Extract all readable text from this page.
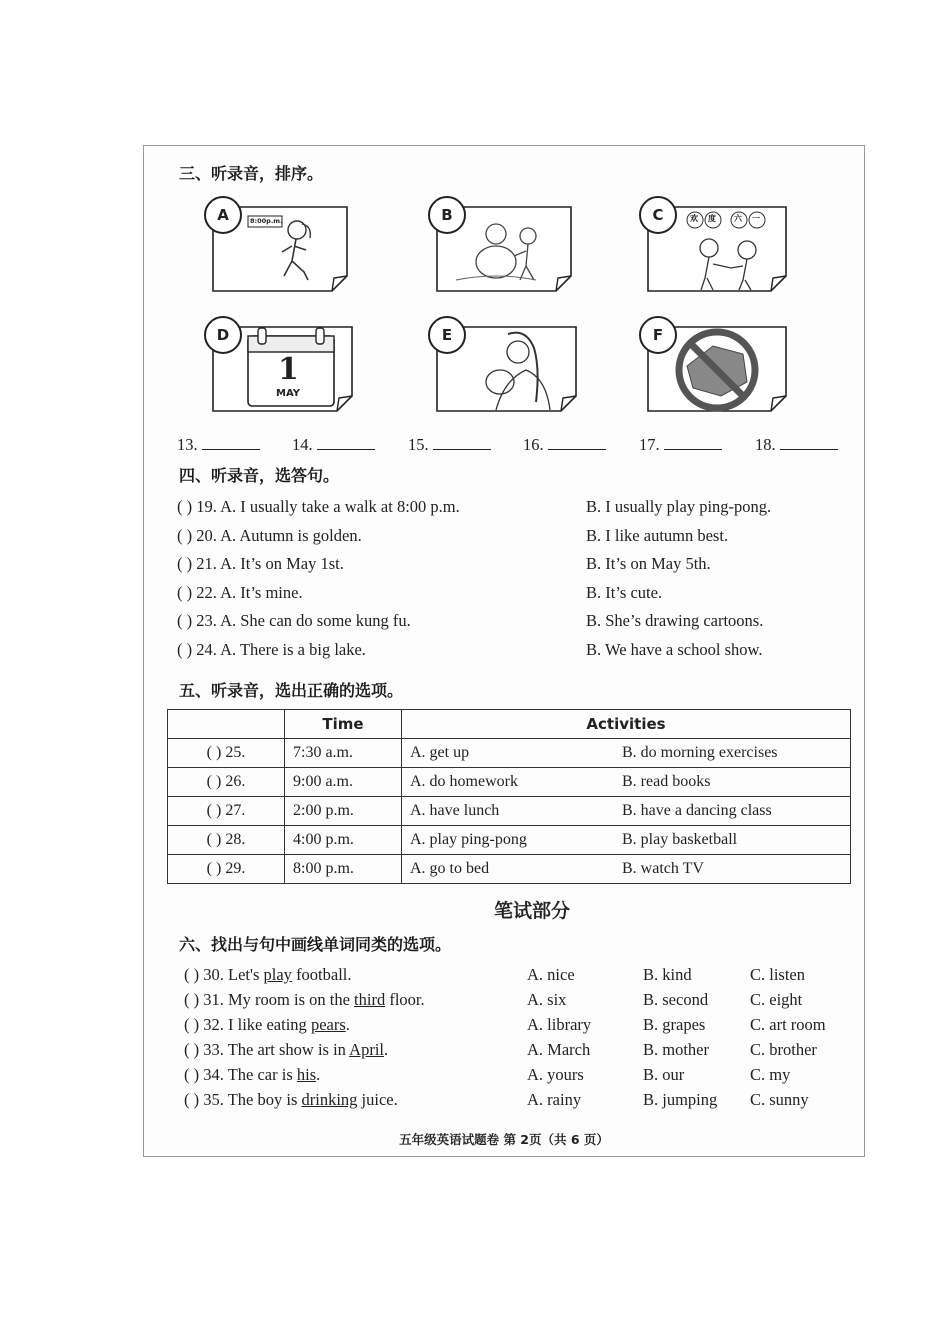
三、听录音，排序。
A	8:00p.m.	B	C	欢 度 六 一
D
1
MAY
E	F
13.	14.	15.	16.	17.	18.
四、听录音，选答句。
( ) 19. A. I usually take a walk at 8:00 p.m.	B. I usually play ping-pong.
( ) 20. A. Autumn is golden.	B. I like autumn best.
( ) 21. A. It’s on May 1st.	B. It’s on May 5th.
( ) 22. A. It’s mine.	B. It’s cute.
( ) 23. A. She can do some kung fu.	B. She’s drawing cartoons.
( ) 24. A. There is a big lake.	B. We have a school show.
五、听录音，选出正确的选项。
	Time	Activities
( ) 25.	7:30 a.m.	A. get up B. do morning exercises

( ) 26.	9:00 a.m.	A. do homework B. read books

( ) 27.	2:00 p.m.	A. have lunch B. have a dancing class

( ) 28.	4:00 p.m.	A. play ping-pong B. play basketball

( ) 29.	8:00 p.m.	A. go to bed B. watch TV
笔试部分
六、找出与句中画线单词同类的选项。
( ) 30. Let's play football.	A. nice	B. kind	C. listen
( ) 31. My room is on the third floor.	A. six	B. second	C. eight
( ) 32. I like eating pears.	A. library	B. grapes	C. art room
( ) 33. The art show is in April.	A. March	B. mother C. brother
( ) 34. The car is his.	A. yours	B. our	C. my
( ) 35. The boy is drinking juice.	A. rainy	B. jumping C. sunny
五年级英语试题卷 第 2页（共 6 页）
